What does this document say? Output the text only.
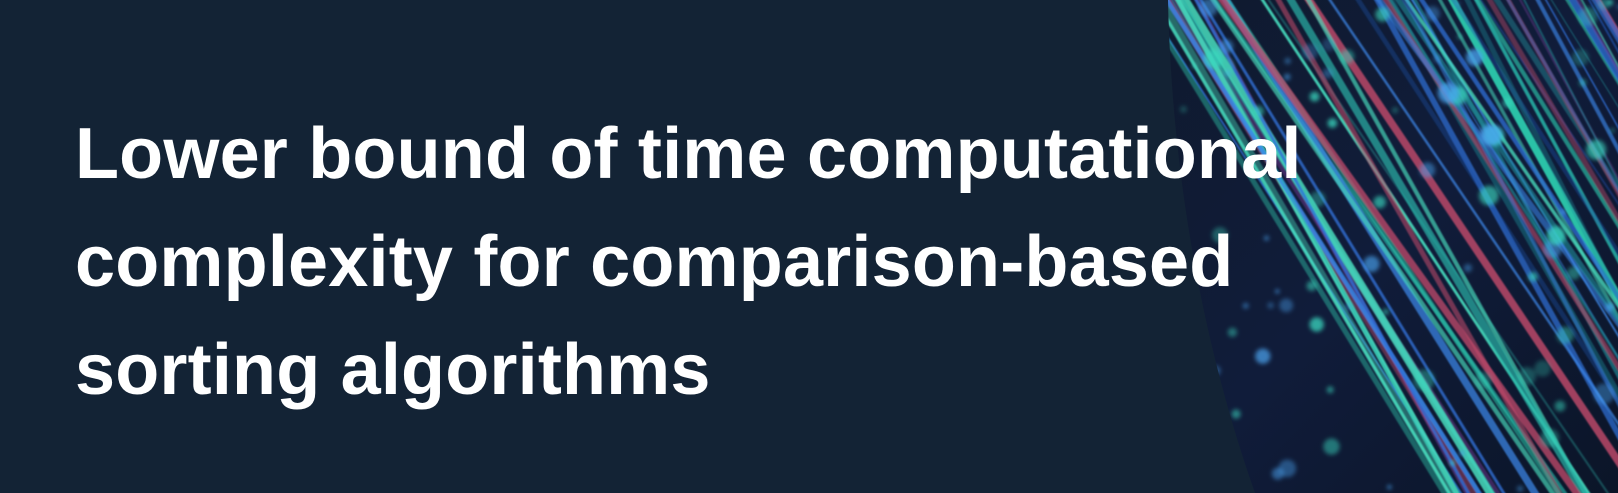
Lower bound of time computational
complexity for comparison-based
sorting algorithms
